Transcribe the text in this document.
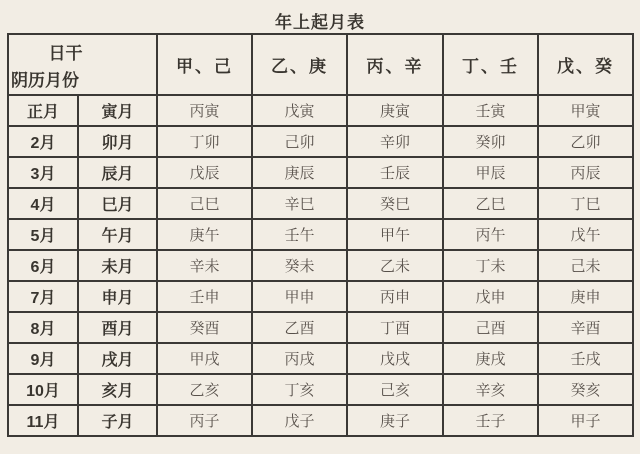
年上起月表
日干
阴历月份		甲、己	乙、庚	丙、辛	丁、壬	戊、癸
正月	寅月	丙寅	戊寅	庚寅	壬寅	甲寅
2月	卯月	丁卯	己卯	辛卯	癸卯	乙卯
3月	辰月	戊辰	庚辰	壬辰	甲辰	丙辰
4月	巳月	己巳	辛巳	癸巳	乙巳	丁巳
5月	午月	庚午	壬午	甲午	丙午	戊午
6月	未月	辛未	癸未	乙未	丁未	己未
7月	申月	壬申	甲申	丙申	戊申	庚申
8月	酉月	癸酉	乙酉	丁酉	己酉	辛酉
9月	戌月	甲戌	丙戌	戊戌	庚戌	壬戌
10月	亥月	乙亥	丁亥	己亥	辛亥	癸亥
11月	子月	丙子	戊子	庚子	壬子	甲子
